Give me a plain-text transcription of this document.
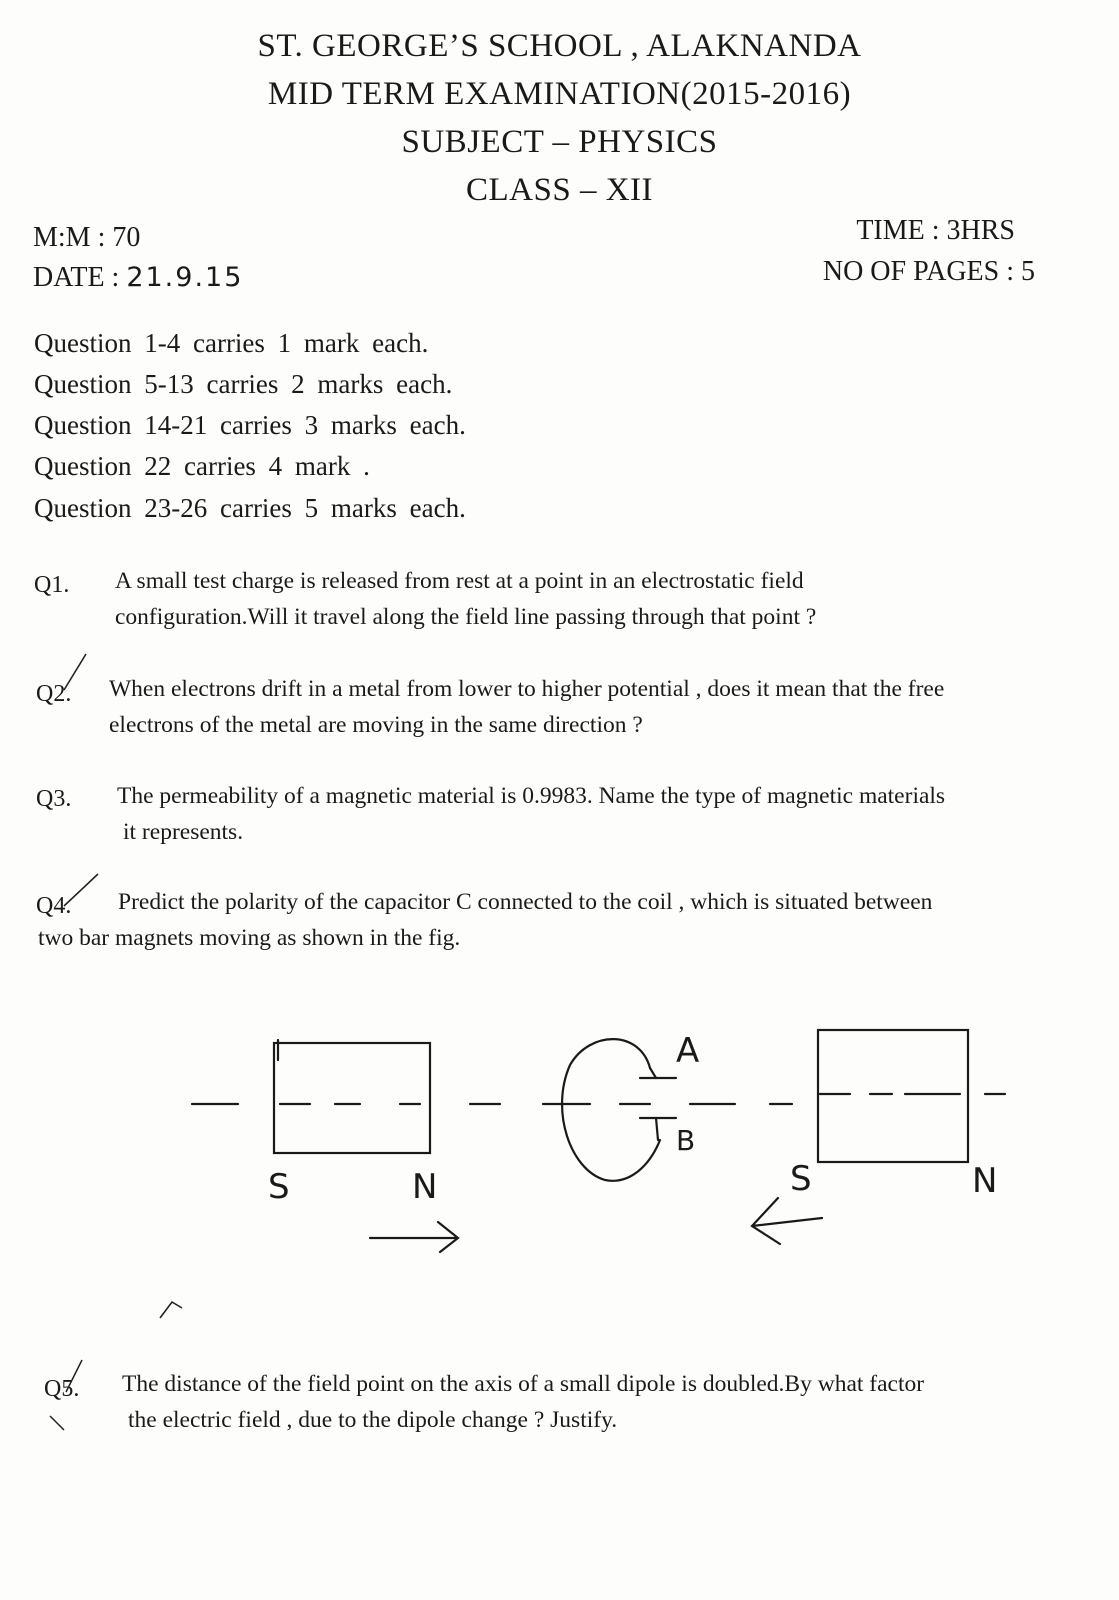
ST. GEORGE’S SCHOOL , ALAKNANDA
MID TERM EXAMINATION(2015-2016)
SUBJECT – PHYSICS
CLASS – XII
M:M : 70
DATE : 21.9.15
TIME : 3HRS
NO OF PAGES : 5
Question 1-4 carries 1 mark each.
Question 5-13 carries 2 marks each.
Question 14-21 carries 3 marks each.
Question 22 carries 4 mark .
Question 23-26 carries 5 marks each.
Q1. A small test charge is released from rest at a point in an electrostatic field
configuration.Will it travel along the field line passing through that point ?
Q2. When electrons drift in a metal from lower to higher potential , does it mean that the free
electrons of the metal are moving in the same direction ?
Q3. The permeability of a magnetic material is 0.9983. Name the type of magnetic materials
it represents.
Q4.	Predict the polarity of the capacitor C connected to the coil , which is situated between
two bar magnets moving as shown in the fig.
A
B
S	N	S	N
Q5. The distance of the field point on the axis of a small dipole is doubled.By what factor
the electric field , due to the dipole change ? Justify.
